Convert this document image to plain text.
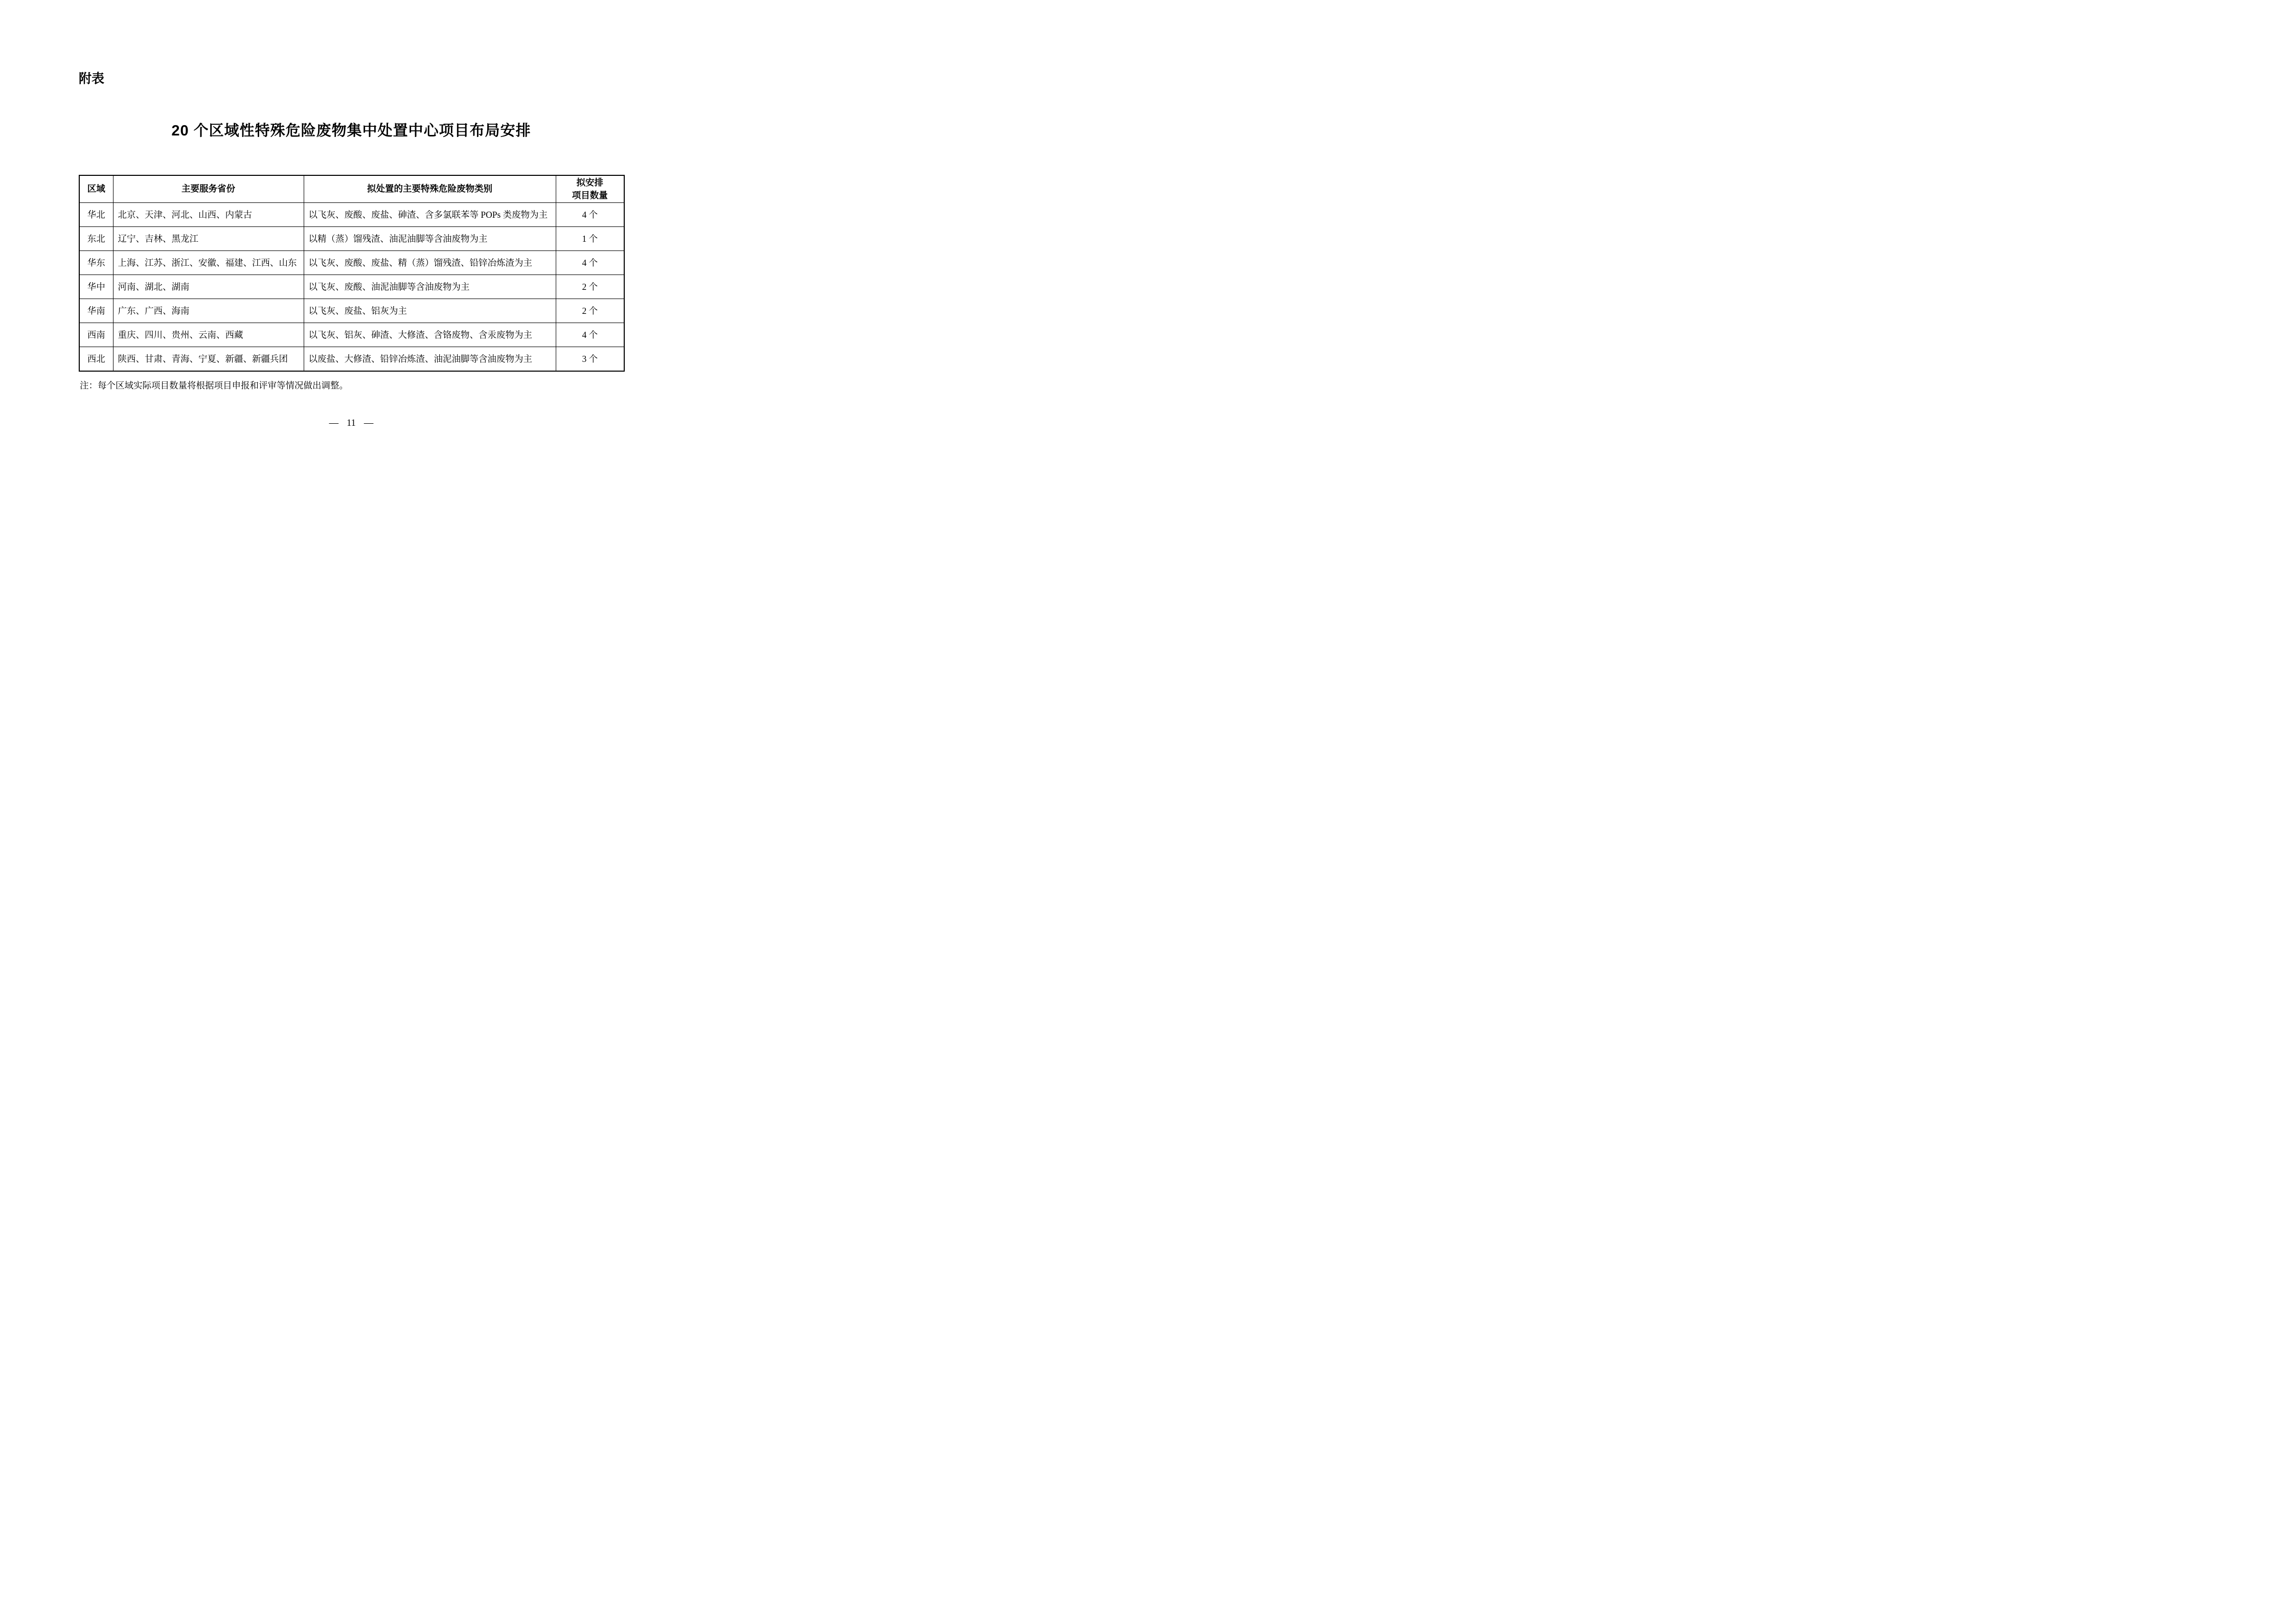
附表
20 个区域性特殊危险废物集中处置中心项目布局安排
区域	主要服务省份	拟处置的主要特殊危险废物类别	拟安排
项目数量

华北	北京、天津、河北、山西、内蒙古	以飞灰、废酸、废盐、砷渣、含多氯联苯等 POPs 类废物为主	4 个
东北	辽宁、吉林、黑龙江	以精（蒸）馏残渣、油泥油脚等含油废物为主	1 个
华东	上海、江苏、浙江、安徽、福建、江西、山东	以飞灰、废酸、废盐、精（蒸）馏残渣、铅锌冶炼渣为主	4 个
华中	河南、湖北、湖南	以飞灰、废酸、油泥油脚等含油废物为主	2 个
华南	广东、广西、海南	以飞灰、废盐、铝灰为主	2 个
西南	重庆、四川、贵州、云南、西藏	以飞灰、铝灰、砷渣、大修渣、含铬废物、含汞废物为主	4 个
西北	陕西、甘肃、青海、宁夏、新疆、新疆兵团	以废盐、大修渣、铅锌冶炼渣、油泥油脚等含油废物为主	3 个

注：每个区域实际项目数量将根据项目申报和评审等情况做出调整。

— 11 —
